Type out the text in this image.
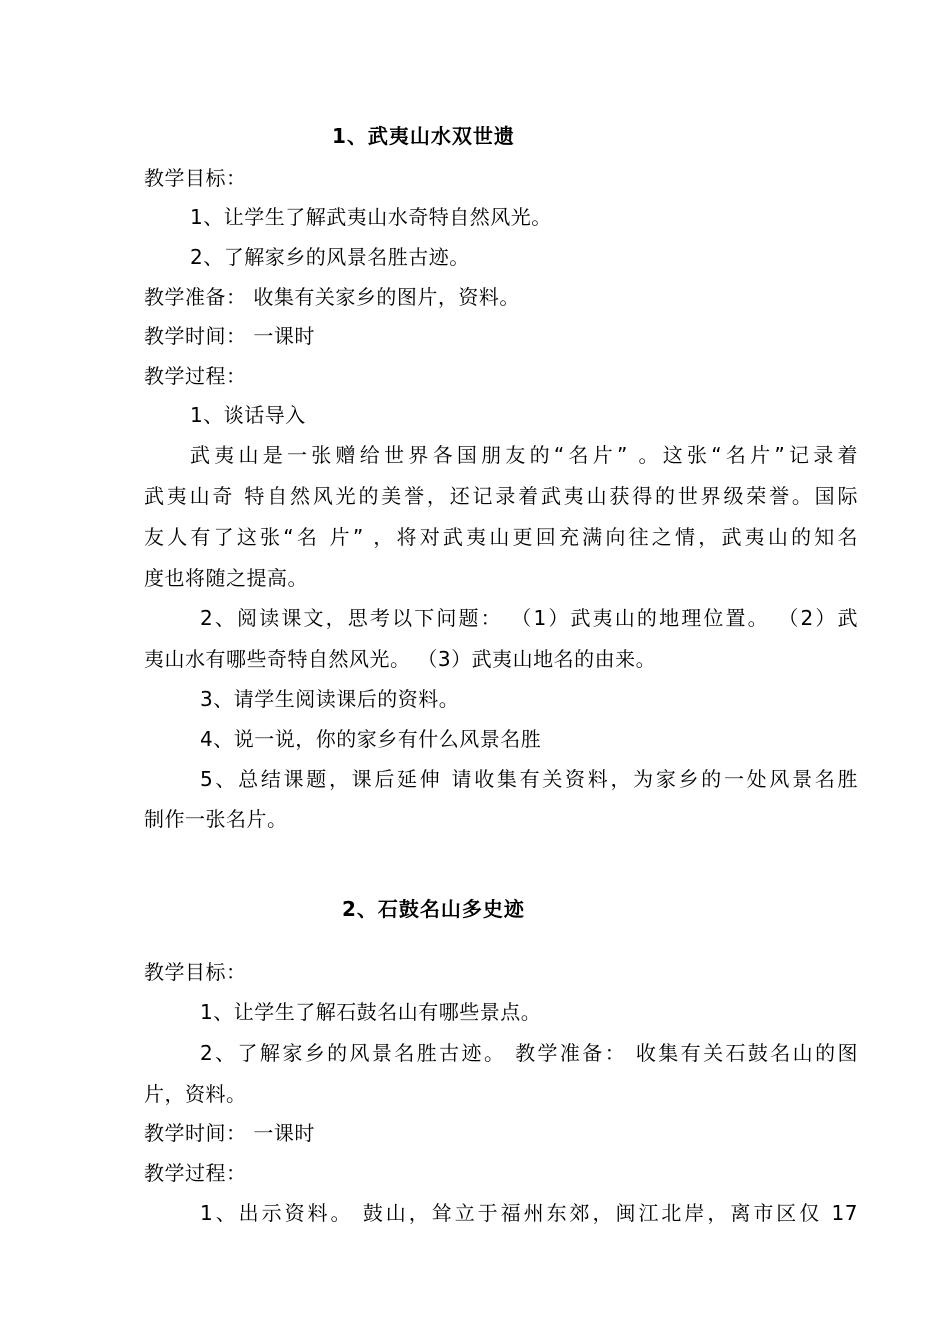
1、武夷山水双世遗
教学目标：
1、让学生了解武夷山水奇特自然风光。
2、了解家乡的风景名胜古迹。
教学准备： 收集有关家乡的图片，资料。
教学时间： 一课时
教学过程：
1、谈话导入
武夷山是一张赠给世界各国朋友的“名片” 。这张“名片”记录着
武夷山奇 特自然风光的美誉，还记录着武夷山获得的世界级荣誉。国际
友人有了这张“名 片” ，将对武夷山更回充满向往之情，武夷山的知名
度也将随之提高。
2、阅读课文，思考以下问题： （1）武夷山的地理位置。 （2）武
夷山水有哪些奇特自然风光。 （3）武夷山地名的由来。
3、请学生阅读课后的资料。
4、说一说，你的家乡有什么风景名胜
5、总结课题，课后延伸 请收集有关资料，为家乡的一处风景名胜
制作一张名片。
2、石鼓名山多史迹
教学目标：
1、让学生了解石鼓名山有哪些景点。
2、了解家乡的风景名胜古迹。 教学准备： 收集有关石鼓名山的图
片，资料。
教学时间： 一课时
教学过程：
1、出示资料。 鼓山，耸立于福州东郊，闽江北岸，离市区仅 17
